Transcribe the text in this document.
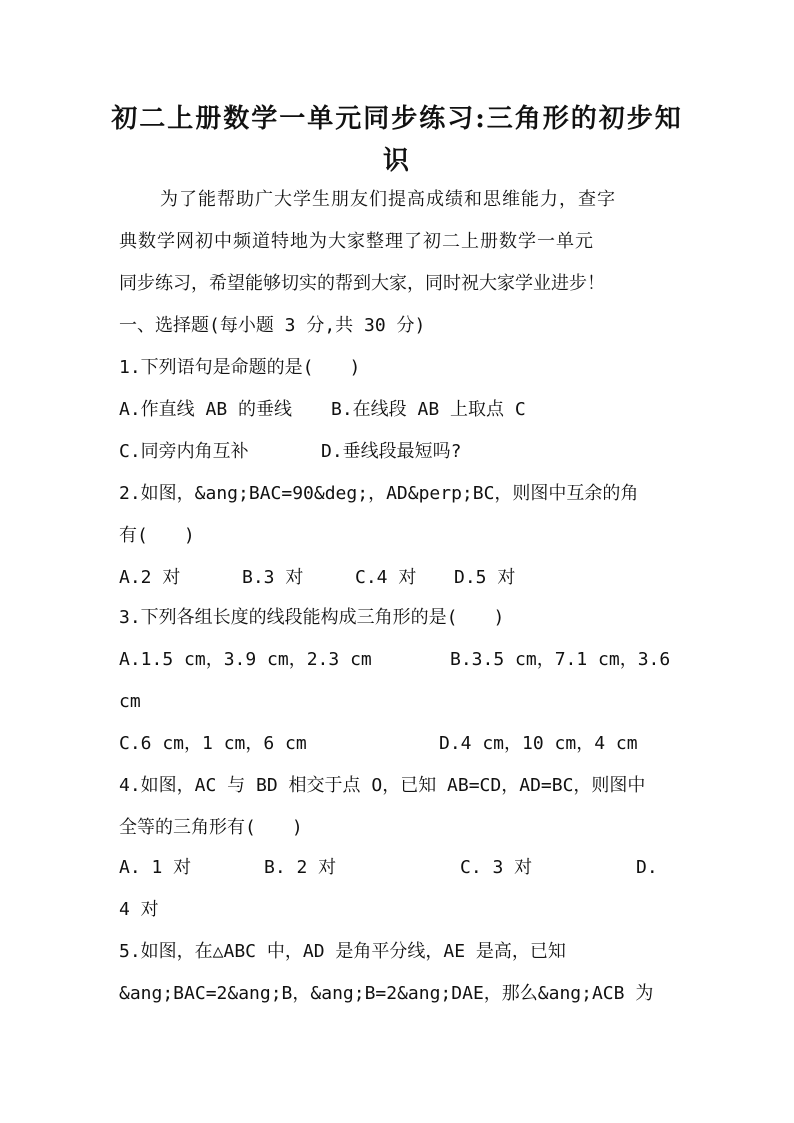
初二上册数学一单元同步练习:三角形的初步知
识
为了能帮助广大学生朋友们提高成绩和思维能力，查字
典数学网初中频道特地为大家整理了初二上册数学一单元
同步练习，希望能够切实的帮到大家，同时祝大家学业进步！
一、选择题(每小题 3 分,共 30 分)
1.下列语句是命题的是(　　)
A.作直线 AB 的垂线 B.在线段 AB 上取点 C
C.同旁内角互补	D.垂线段最短吗?
2.如图，&ang;BAC=90&deg;，AD&perp;BC，则图中互余的角
有(　　)
A.2 对	B.3 对	C.4 对 D.5 对
3.下列各组长度的线段能构成三角形的是(　　)
A.1.5 cm，3.9 cm，2.3 cm	B.3.5 cm，7.1 cm，3.6
cm
C.6 cm，1 cm，6 cm	D.4 cm，10 cm，4 cm
4.如图，AC 与 BD 相交于点 O，已知 AB=CD，AD=BC，则图中
全等的三角形有(　　)
A. 1 对	B. 2 对	C. 3 对	D.
4 对
5.如图，在△ABC 中，AD 是角平分线，AE 是高，已知
&ang;BAC=2&ang;B，&ang;B=2&ang;DAE，那么&ang;ACB 为
